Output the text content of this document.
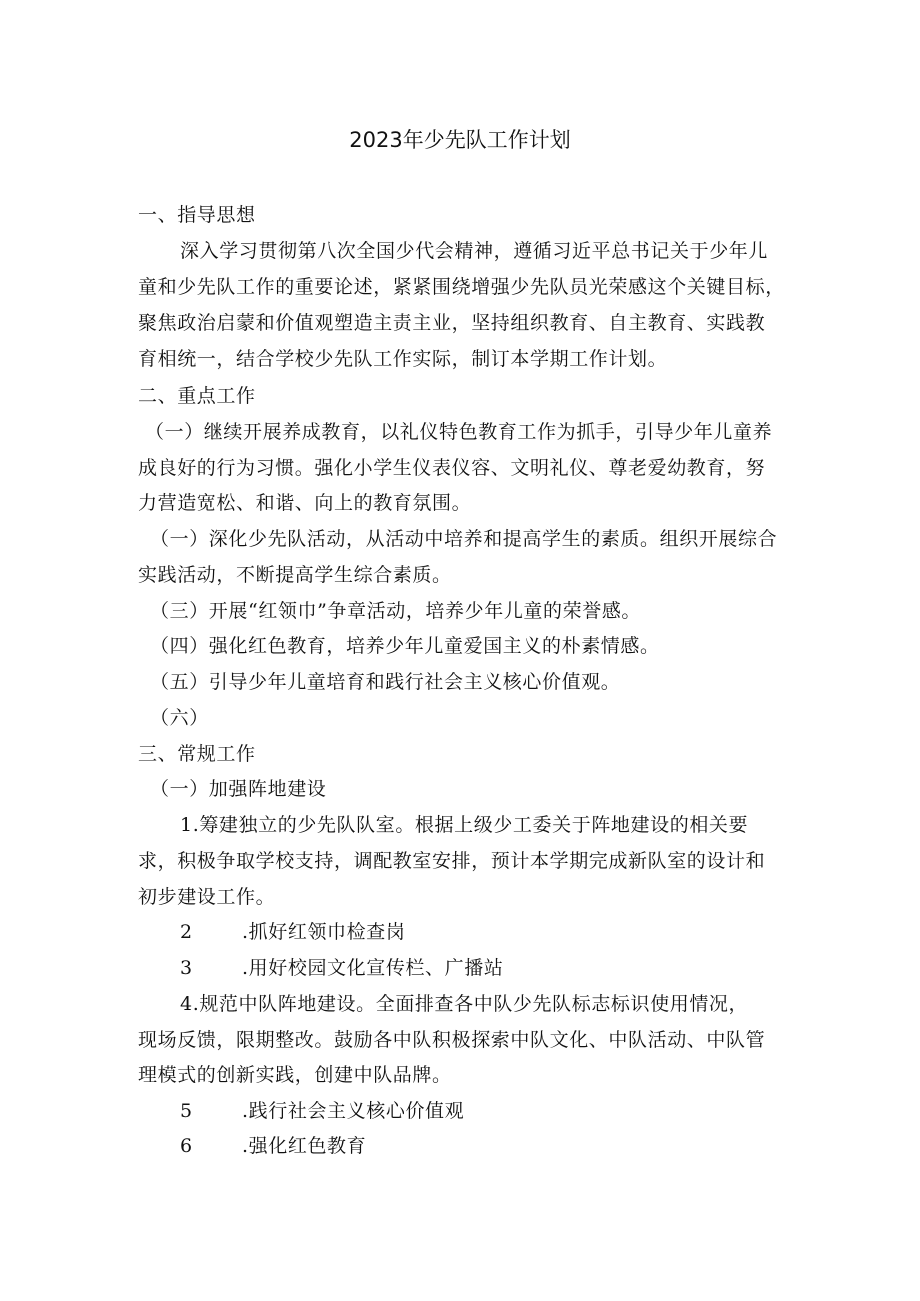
2023年少先队工作计划
一、指导思想
深入学习贯彻第八次全国少代会精神，遵循习近平总书记关于少年儿
童和少先队工作的重要论述，紧紧围绕增强少先队员光荣感这个关键目标，
聚焦政治启蒙和价值观塑造主责主业，坚持组织教育、自主教育、实践教
育相统一，结合学校少先队工作实际，制订本学期工作计划。
二、重点工作
（一）继续开展养成教育，以礼仪特色教育工作为抓手，引导少年儿童养
成良好的行为习惯。强化小学生仪表仪容、文明礼仪、尊老爱幼教育，努
力营造宽松、和谐、向上的教育氛围。
（一）深化少先队活动，从活动中培养和提高学生的素质。组织开展综合
实践活动，不断提高学生综合素质。
（三）开展“红领巾”争章活动，培养少年儿童的荣誉感。
（四）强化红色教育，培养少年儿童爱国主义的朴素情感。
（五）引导少年儿童培育和践行社会主义核心价值观。
（六）
三、常规工作
（一）加强阵地建设
1.筹建独立的少先队队室。根据上级少工委关于阵地建设的相关要
求，积极争取学校支持，调配教室安排，预计本学期完成新队室的设计和
初步建设工作。
2	.抓好红领巾检查岗
3	.用好校园文化宣传栏、广播站
4.规范中队阵地建设。全面排查各中队少先队标志标识使用情况，
现场反馈，限期整改。鼓励各中队积极探索中队文化、中队活动、中队管
理模式的创新实践，创建中队品牌。
5	.践行社会主义核心价值观
6	.强化红色教育
